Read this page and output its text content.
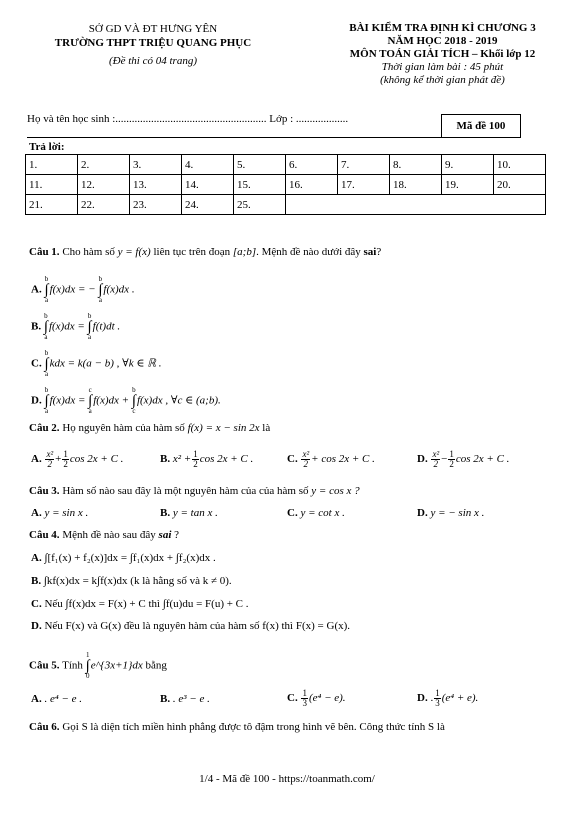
SỞ GD VÀ ĐT HƯNG YÊN
TRƯỜNG THPT TRIỆU QUANG PHỤC
(Đề thi có 04 trang)
BÀI KIỂM TRA ĐỊNH KÌ CHƯƠNG 3
NĂM HỌC 2018 - 2019
MÔN TOÁN GIẢI TÍCH – Khối lớp 12
Thời gian làm bài : 45 phút
(không kể thời gian phát đề)
Họ và tên học sinh :....................................................... Lớp : ...................
Mã đề 100
Trả lời:
1.	2.	3.	4.	5.	6.	7.	8.	9.	10.
11.	12.	13.	14.	15.	16.	17.	18.	19.	20.
21.	22.	23.	24.	25.					
Câu 1. Cho hàm số y = f(x) liên tục trên đoạn [a;b]. Mệnh đề nào dưới đây sai?
A.
b
∫
a
f(x)dx = −
b
∫
a
f(x)dx .
B.
b
∫
a
f(x)dx =
b
∫
a
f(t)dt .
C.
b
∫
a
kdx = k(a − b) , ∀k ∈ ℝ .
D.
b
∫
a
f(x)dx =
c
∫
a
f(x)dx +
b
∫
c
f(x)dx , ∀c ∈ (a;b).
Câu 2. Họ nguyên hàm của hàm số f(x) = x − sin 2x là
A. $\frac{\text{x²}}{2} + \frac{1}{2}$ cos 2x + C .	B. $x^2 + \frac{1}{2}$ cos 2x + C .	C. $\frac{\text{x²}}{2} + \cos 2x + C$ .	D. $\frac{\text{x²}}{2} - \frac{1}{2}$ cos 2x + C .
Câu 3. Hàm số nào sau đây là một nguyên hàm của của hàm số y = cos x ?
A. y = sin x .	B. y = tan x .	C. y = cot x .	D. y = − sin x .
Câu 4. Mệnh đề nào sau đây sai ?
A. ∫[f₁(x) + f₂(x)]dx = ∫f₁(x)dx + ∫f₂(x)dx .
B. ∫kf(x)dx = k∫f(x)dx (k là hằng số và k ≠ 0).
C. Nếu ∫f(x)dx = F(x) + C thì ∫f(u)du = F(u) + C .
D. Nếu F(x) và G(x) đều là nguyên hàm của hàm số f(x) thì F(x) = G(x).
Câu 5. Tính
1
∫
0
e^{3x+1}dx bằng
A. . e⁴ − e .	B. . e³ − e .	C. $\frac{1}{3} (e^4 - e)$.	D. . $\frac{1}{3} (e^4 + e)$.
Câu 6. Gọi S là diện tích miền hình phẳng được tô đậm trong hình vẽ bên. Công thức tính S là
1/4 - Mã đề 100 - https://toanmath.com/
